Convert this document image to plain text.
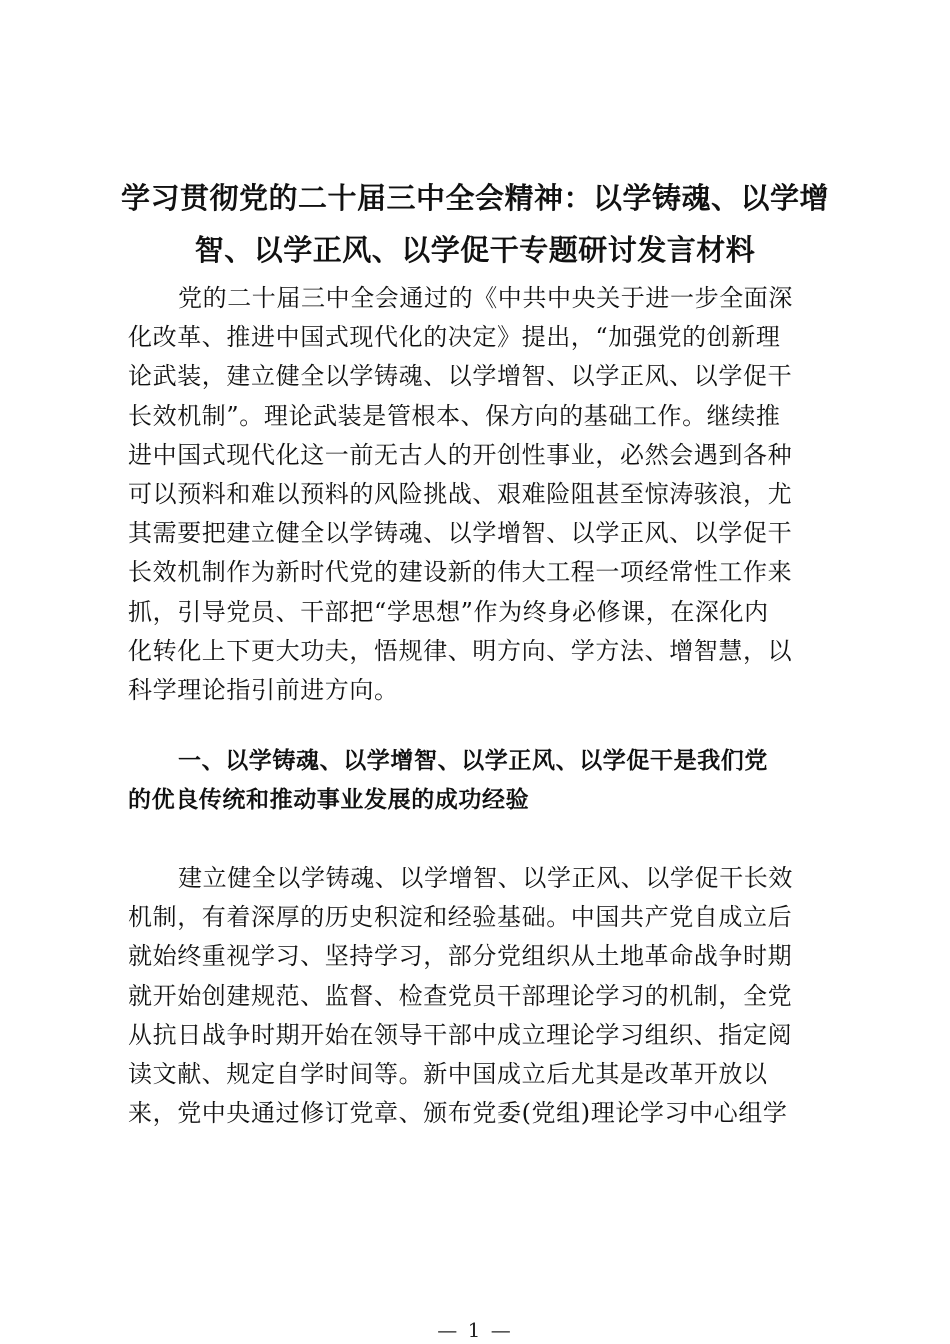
学习贯彻党的二十届三中全会精神：以学铸魂、以学增
智、以学正风、以学促干专题研讨发言材料
党的二十届三中全会通过的《中共中央关于进一步全面深
化改革、推进中国式现代化的决定》提出，“加强党的创新理
论武装，建立健全以学铸魂、以学增智、以学正风、以学促干
长效机制”。理论武装是管根本、保方向的基础工作。继续推
进中国式现代化这一前无古人的开创性事业，必然会遇到各种
可以预料和难以预料的风险挑战、艰难险阻甚至惊涛骇浪，尤
其需要把建立健全以学铸魂、以学增智、以学正风、以学促干
长效机制作为新时代党的建设新的伟大工程一项经常性工作来
抓，引导党员、干部把“学思想”作为终身必修课，在深化内
化转化上下更大功夫，悟规律、明方向、学方法、增智慧，以
科学理论指引前进方向。
一、以学铸魂、以学增智、以学正风、以学促干是我们党
的优良传统和推动事业发展的成功经验
建立健全以学铸魂、以学增智、以学正风、以学促干长效
机制，有着深厚的历史积淀和经验基础。中国共产党自成立后
就始终重视学习、坚持学习，部分党组织从土地革命战争时期
就开始创建规范、监督、检查党员干部理论学习的机制，全党
从抗日战争时期开始在领导干部中成立理论学习组织、指定阅
读文献、规定自学时间等。新中国成立后尤其是改革开放以
来，党中央通过修订党章、颁布党委(党组)理论学习中心组学
— 1 —
